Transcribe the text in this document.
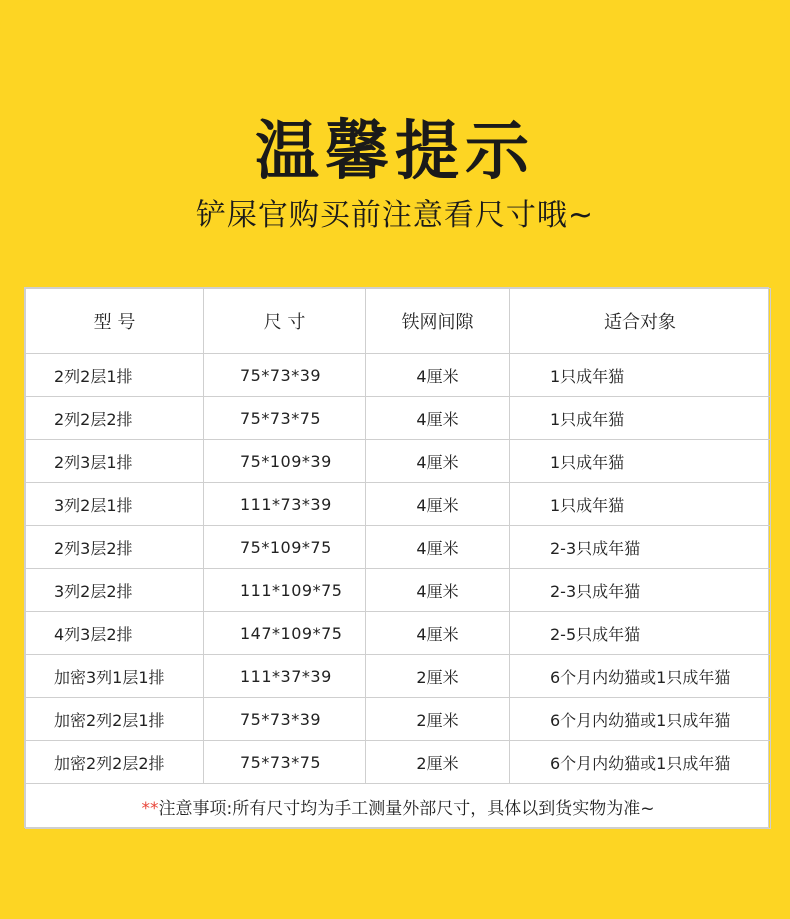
温馨提示
铲屎官购买前注意看尺寸哦~
型 号	尺 寸	铁网间隙	适合对象
2列2层1排	75*73*39	4厘米	1只成年猫
2列2层2排	75*73*75	4厘米	1只成年猫
2列3层1排	75*109*39	4厘米	1只成年猫
3列2层1排	111*73*39	4厘米	1只成年猫
2列3层2排	75*109*75	4厘米	2-3只成年猫
3列2层2排	111*109*75	4厘米	2-3只成年猫
4列3层2排	147*109*75	4厘米	2-5只成年猫
加密3列1层1排	111*37*39	2厘米	6个月内幼猫或1只成年猫
加密2列2层1排	75*73*39	2厘米	6个月内幼猫或1只成年猫
加密2列2层2排	75*73*75	2厘米	6个月内幼猫或1只成年猫
**注意事项:所有尺寸均为手工测量外部尺寸，具体以到货实物为准~			
